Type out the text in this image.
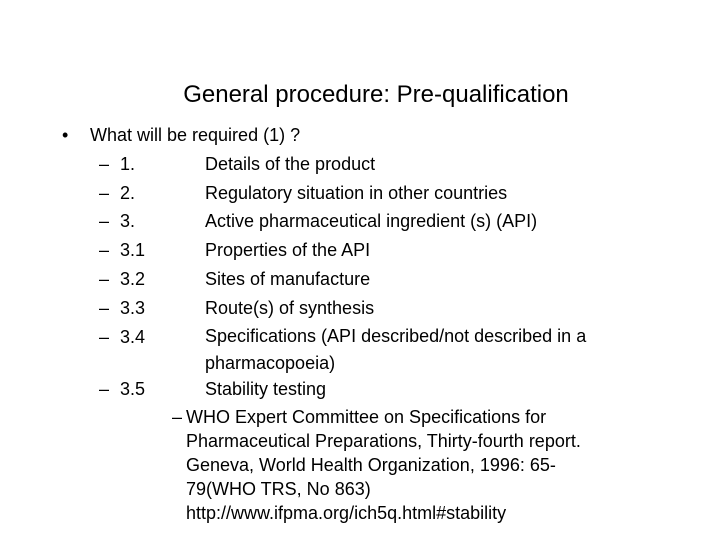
General procedure: Pre-qualification
• What will be required (1) ?
– 1.	Details of the product
– 2.	Regulatory situation in other countries
– 3.	Active pharmaceutical ingredient (s) (API)
– 3.1	Properties of the API
– 3.2	Sites of manufacture
– 3.3	Route(s) of synthesis
– 3.4	Specifications (API described/not described in a pharmacopoeia)
– 3.5	Stability testing
– WHO Expert Committee on Specifications for
Pharmaceutical Preparations, Thirty-fourth report.
Geneva, World Health Organization, 1996: 65-
79(WHO TRS, No 863)
http://www.ifpma.org/ich5q.html#stability
